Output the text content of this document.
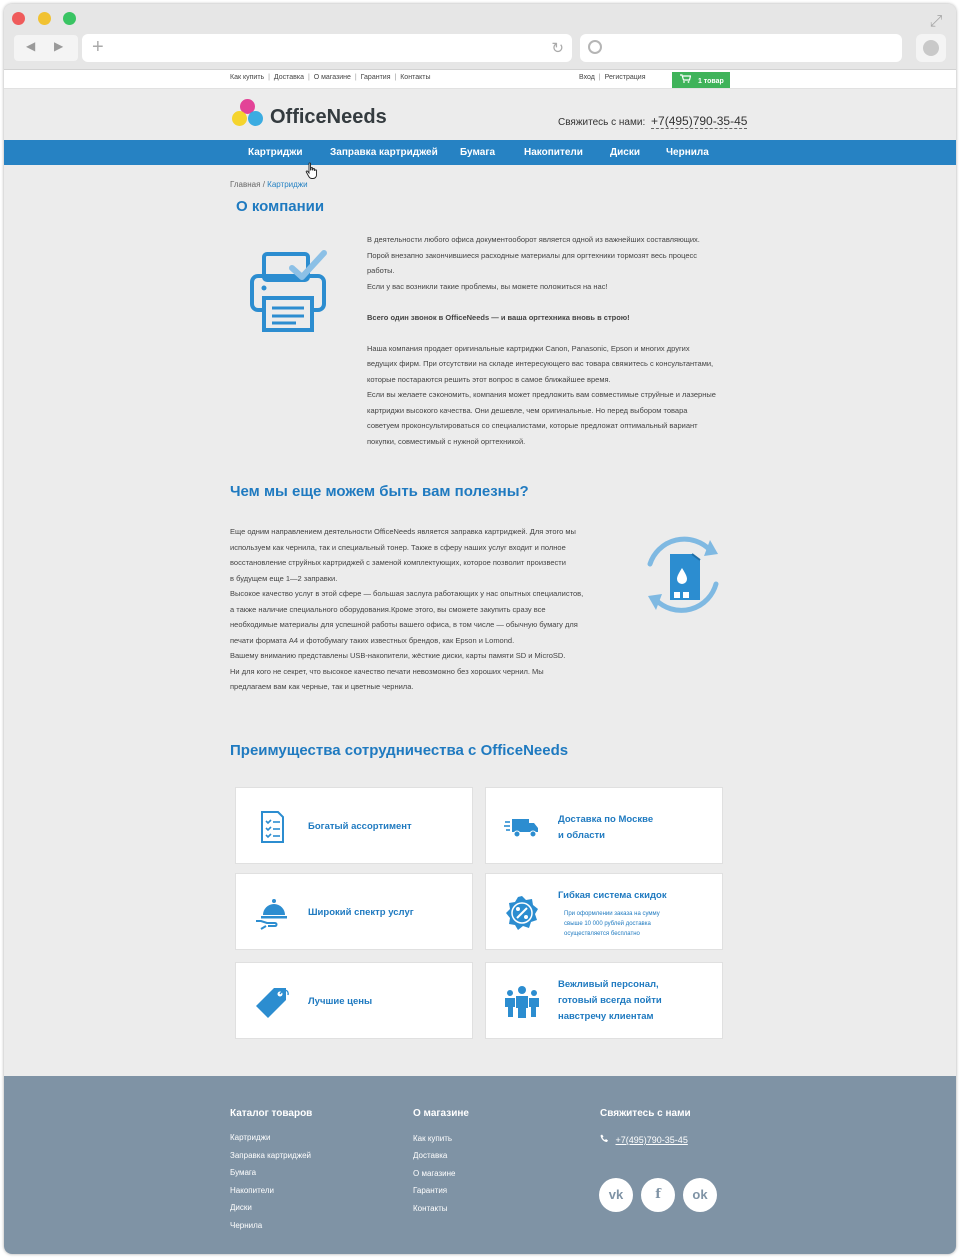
⤢
◀ ▶ +	↻
Как купить | Доставка | О магазине | Гарантия | Контакты	Вход | Регистрация
1 товар
OfficeNeeds	Свяжитесь с нами: +7(495)790-35-45
Картриджи	Заправка картриджей Бумага	Накопители	Диски	Чернила
Главная / Картриджи
О компании

В деятельности любого офиса документооборот является одной из важнейших составляющих.

Порой внезапно закончившиеся расходные материалы для оргтехники тормозят весь процесс

работы.

Если у вас возникли такие проблемы, вы можете положиться на нас!

Всего один звонок в OfficeNeeds — и ваша оргтехника вновь в строю!

Наша компания продает оригинальные картриджи Canon, Panasonic, Epson и многих других

ведущих фирм. При отсутствии на складе интересующего вас товара свяжитесь с консультантами,

которые постараются решить этот вопрос в самое ближайшее время.

Если вы желаете сэкономить, компания может предложить вам совместимые струйные и лазерные

картриджи высокого качества. Они дешевле, чем оригинальные. Но перед выбором товара

советуем проконсультироваться со специалистами, которые предложат оптимальный вариант

покупки, совместимый с нужной оргтехникой.

Чем мы еще можем быть вам полезны?

Еще одним направлением деятельности OfficeNeeds является заправка картриджей. Для этого мы

используем как чернила, так и специальный тонер. Также в сферу наших услуг входит и полное

восстановление струйных картриджей с заменой комплектующих, которое позволит произвести

в будущем еще 1—2 заправки.

Высокое качество услуг в этой сфере — большая заслуга работающих у нас опытных специалистов,

а также наличие специального оборудования.Кроме этого, вы сможете закупить сразу все

необходимые материалы для успешной работы вашего офиса, в том числе — обычную бумагу для

печати формата А4 и фотобумагу таких известных брендов, как Epson и Lomond.

Вашему вниманию представлены USB-накопители, жёсткие диски, карты памяти SD и MicroSD.

Ни для кого не секрет, что высокое качество печати невозможно без хороших чернил. Мы

предлагаем вам как черные, так и цветные чернила.

Преимущества сотрудничества с OfficeNeeds
Богатый ассортимент
Доставка по Москве
и области
Широкий спектр услуг
Гибкая система скидок
При оформлении заказа на сумму
свыше 10 000 рублей доставка
осуществляется бесплатно
Лучшие цены
Вежливый персонал,
готовый всегда пойти
навстречу клиентам
Каталог товаров
Картриджи
Заправка картриджей
Бумага
Накопители
Диски
Чернила
О магазине
Как купить
Доставка
О магазине
Гарантия
Контакты
Свяжитесь с нами
+7(495)790-35-45
vk	f	ok
